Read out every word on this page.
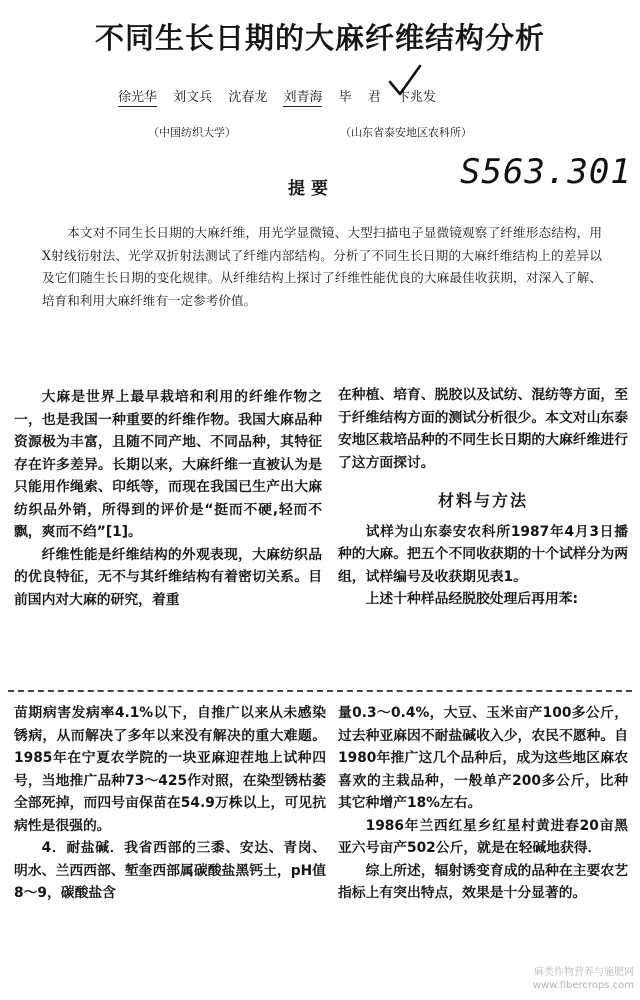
不同生长日期的大麻纤维结构分析
徐光华 刘文兵 沈春龙 刘青海 毕 君 卞兆发
（中国纺织大学）	（山东省泰安地区农科所）
提要	S563.301

本文对不同生长日期的大麻纤维，用光学显微镜、大型扫描电子显微镜观察了纤维形态结构，用X射线衍射法、光学双折射法测试了纤维内部结构。分析了不同生长日期的大麻纤维结构上的差异以及它们随生长日期的变化规律。从纤维结构上探讨了纤维性能优良的大麻最佳收获期，对深入了解、培育和利用大麻纤维有一定参考价值。

大麻是世界上最早栽培和利用的纤维作物之一，也是我国一种重要的纤维作物。我国大麻品种资源极为丰富，且随不同产地、不同品种，其特征存在许多差异。长期以来，大麻纤维一直被认为是只能用作绳索、印纸等，而现在我国已生产出大麻纺织品外销，所得到的评价是“挺而不硬,轻而不飘，爽而不绉”[1]。

纤维性能是纤维结构的外观表现，大麻纺织品的优良特征，无不与其纤维结构有着密切关系。目前国内对大麻的研究，着重

在种植、培育、脱胶以及试纺、混纺等方面，至于纤维结构方面的测试分析很少。本文对山东泰安地区栽培品种的不同生长日期的大麻纤维进行了这方面探讨。

材料与方法

试样为山东泰安农科所1987年4月3日播种的大麻。把五个不同收获期的十个试样分为两组，试样编号及收获期见表1。

上述十种样品经脱胶处理后再用苯:

苗期病害发病率4.1%以下，自推广以来从未感染锈病，从而解决了多年以来没有解决的重大难题。1985年在宁夏农学院的一块亚麻迎茬地上试种四号，当地推广品种73～425作对照，在染型锈枯萎全部死掉，而四号亩保苗在54.9万株以上，可见抗病性是很强的。

4．耐盐碱．我省西部的三黍、安达、青岗、明水、兰西西部、堑奎西部属碳酸盐黑钙土，pH值8～9，碳酸盐含

量0.3～0.4%，大豆、玉米亩产100多公斤，过去种亚麻因不耐盐碱收入少，农民不愿种。自1980年推广这几个品种后，成为这些地区麻农喜欢的主栽品种，一般单产200多公斤，比种其它种增产18%左右。

1986年兰西红星乡红星村黄进春20亩黑亚六号亩产502公斤，就是在轻碱地获得．

综上所述，辐射诱变育成的品种在主要农艺指标上有突出特点，效果是十分显著的。

麻类作物营养与施肥网
www.fibercrops.com
